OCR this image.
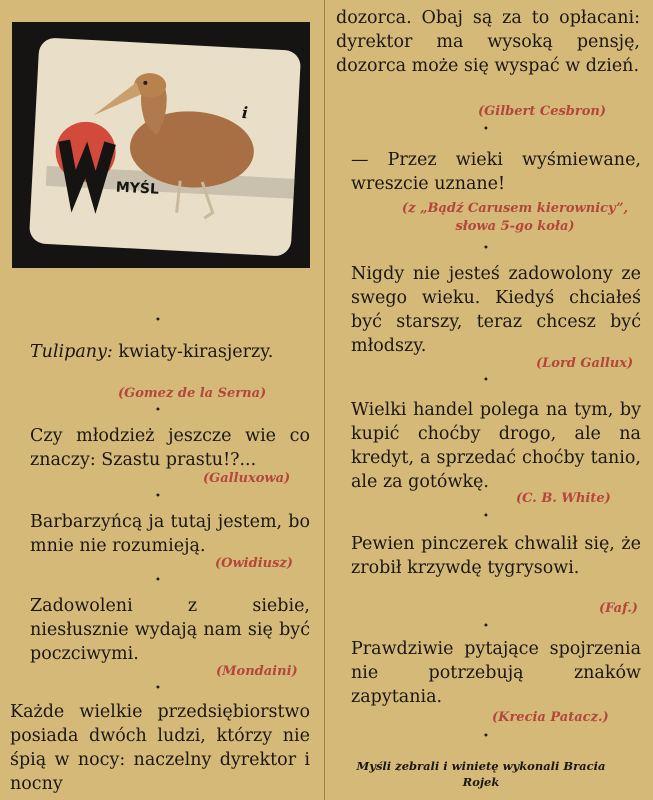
MYŚL
i
•

Tulipany: kwiaty-kirasjerzy.

(Gomez de la Serna)
•

Czy młodzież jeszcze wie co znaczy: Szastu prastu!?...

(Galluxowa)
•

Barbarzyńcą ja tutaj jestem, bo mnie nie rozumieją.

(Owidiusz)
•

Zadowoleni z siebie, niesłusznie wydają nam się być poczciwymi.

(Mondaini)
•

Każde wielkie przedsiębiorstwo posiada dwóch ludzi, którzy nie śpią w nocy: naczelny dyrektor i nocny

dozorca. Obaj są za to opłacani: dyrektor ma wysoką pensję, dozorca może się wyspać w dzień.

(Gilbert Cesbron)
•

— Przez wieki wyśmiewane, wreszcie uznane!

(z „Bądź Carusem kierownicy”, słowa 5-go koła)
•

Nigdy nie jesteś zadowolony ze swego wieku. Kiedyś chciałeś być starszy, teraz chcesz być młodszy.

(Lord Gallux)
•

Wielki handel polega na tym, by kupić choćby drogo, ale na kredyt, a sprzedać choćby tanio, ale za gotówkę.

(C. B. White)
•

Pewien pinczerek chwalił się, że zrobił krzywdę tygrysowi.

(Faf.)
•

Prawdziwie pytające spojrzenia nie potrzebują znaków zapytania.

(Krecia Patacz.)
•
Myśli zebrali i winietę wykonali Bracia Rojek
